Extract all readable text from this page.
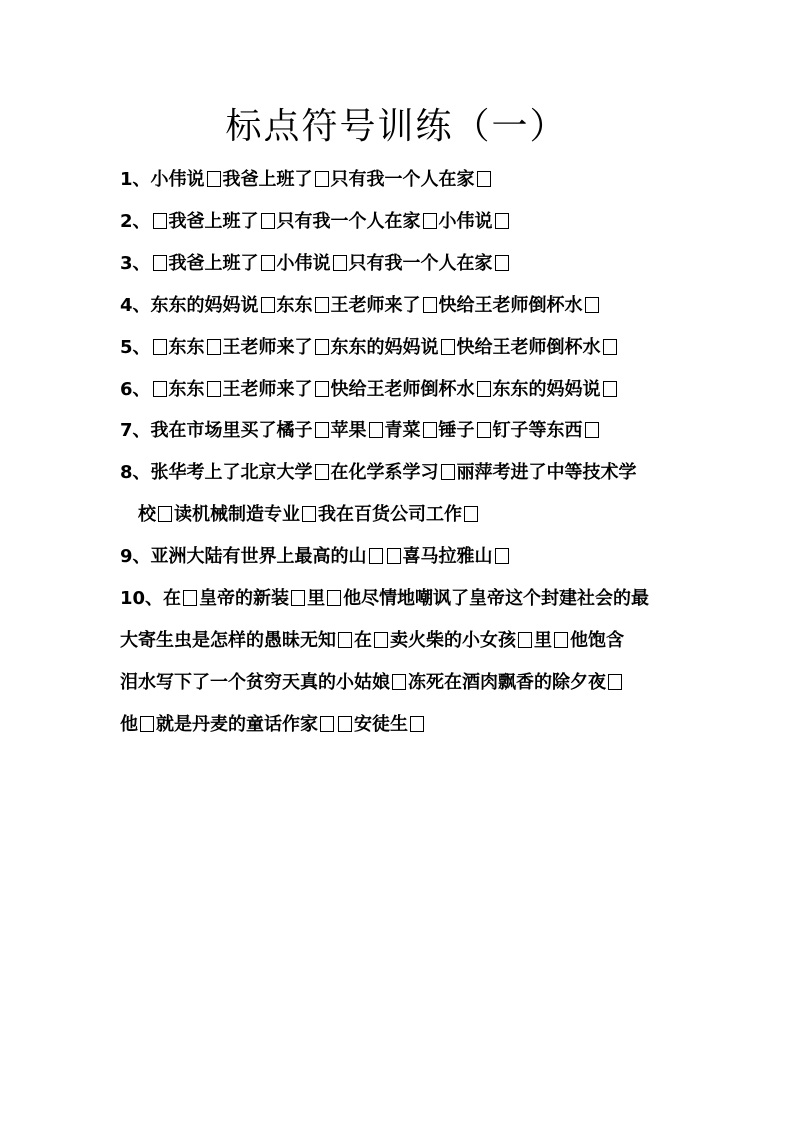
标点符号训练（一）
1、小伟说 我爸上班了 只有我一个人在家
2、 我爸上班了 只有我一个人在家 小伟说
3、 我爸上班了 小伟说 只有我一个人在家
4、东东的妈妈说 东东 王老师来了 快给王老师倒杯水
5、 东东 王老师来了 东东的妈妈说 快给王老师倒杯水
6、 东东 王老师来了 快给王老师倒杯水 东东的妈妈说
7、我在市场里买了橘子 苹果 青菜 锤子 钉子等东西
8、张华考上了北京大学 在化学系学习 丽萍考进了中等技术学
校 读机械制造专业 我在百货公司工作
9、亚洲大陆有世界上最高的山 喜马拉雅山
10、在 皇帝的新装 里 他尽情地嘲讽了皇帝这个封建社会的最
大寄生虫是怎样的愚昧无知 在 卖火柴的小女孩 里 他饱含
泪水写下了一个贫穷天真的小姑娘 冻死在酒肉飘香的除夕夜
他 就是丹麦的童话作家 安徒生
